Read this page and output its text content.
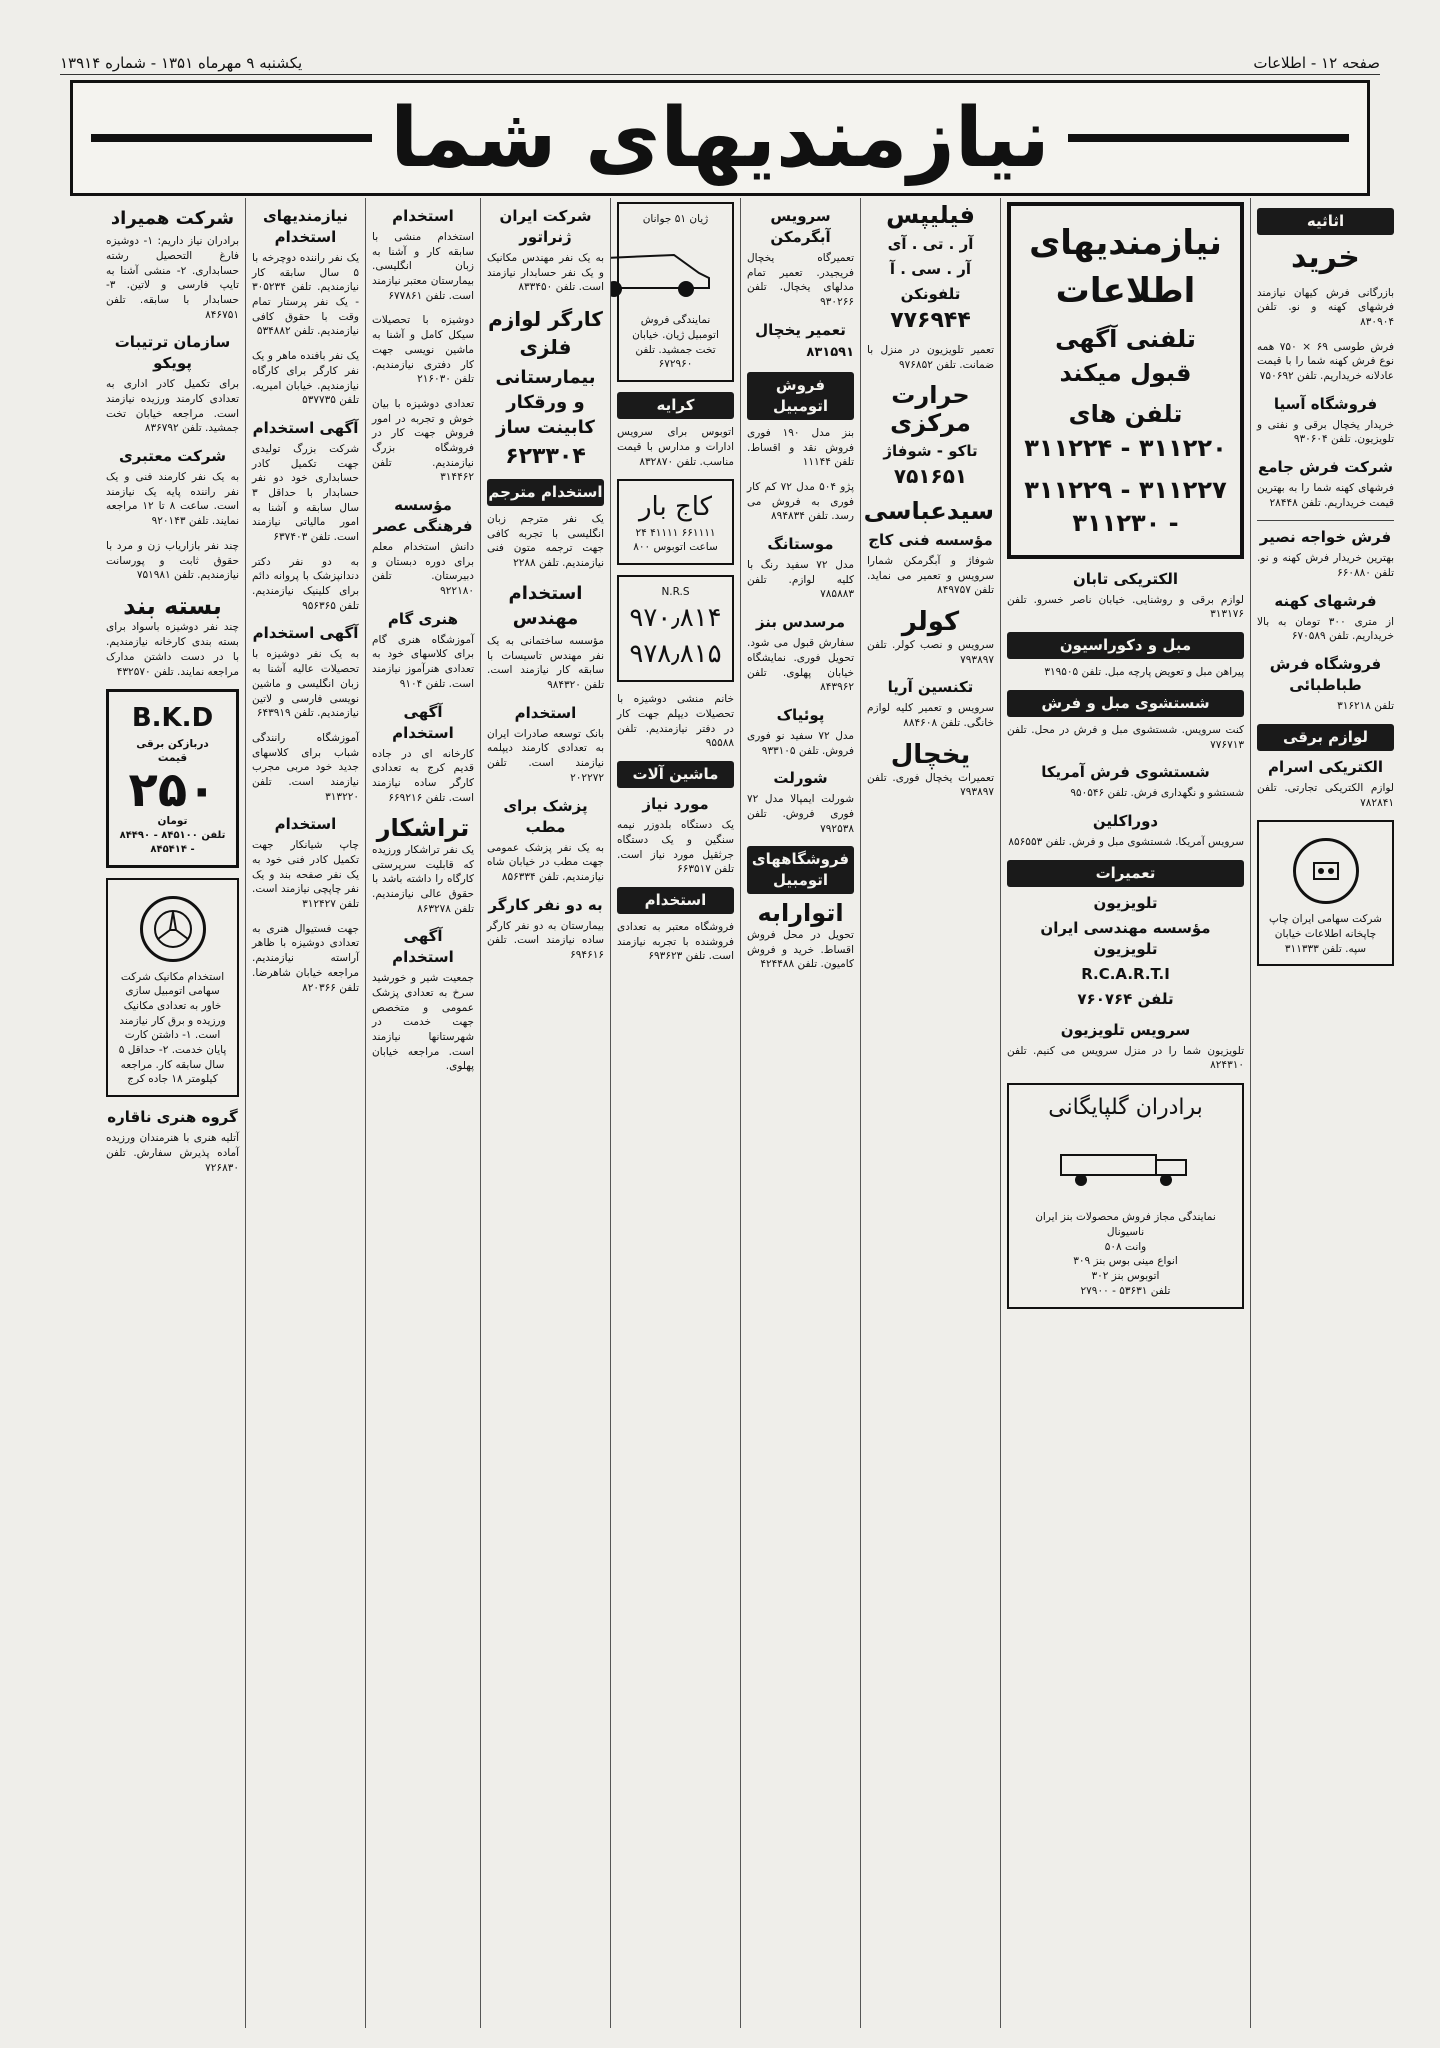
صفحه ۱۲ - اطلاعات
یکشنبه ۹ مهرماه ۱۳۵۱ - شماره ۱۳۹۱۴
نیازمندیهای شما
اثاثیه
خرید
بازرگانی فرش کیهان نیازمند فرشهای کهنه و نو. تلفن ۸۳۰۹۰۴
فرش طوسی ۶۹ × ۷۵۰ همه نوع فرش کهنه شما را با قیمت عادلانه خریداریم. تلفن ۷۵۰۶۹۲
فروشگاه آسیا
خریدار یخچال برقی و نفتی و تلویزیون. تلفن ۹۳۰۶۰۴
شرکت فرش جامع
فرشهای کهنه شما را به بهترین قیمت خریداریم. تلفن ۲۸۴۴۸
فرش خواجه نصیر
بهترین خریدار فرش کهنه و نو. تلفن ۶۶۰۸۸۰
فرشهای کهنه
از متری ۳۰۰ تومان به بالا خریداریم. تلفن ۶۷۰۵۸۹
فروشگاه فرش طباطبائی
تلفن ۳۱۶۲۱۸
لوازم برقی
الکتریکی اسرام
لوازم الکتریکی تجارتی. تلفن ۷۸۲۸۴۱
شرکت سهامی ایران چاپ چاپخانه اطلاعات خیابان سپه. تلفن ۳۱۱۳۳۳
نیازمندیهای اطلاعات
تلفنی آگهی قبول میکند
تلفن های ۳۱۱۲۲۰ - ۳۱۱۲۲۴
۳۱۱۲۲۷ - ۳۱۱۲۲۹ - ۳۱۱۲۳۰
الکتریکی تابان
لوازم برقی و روشنایی. خیابان ناصر خسرو. تلفن ۳۱۳۱۷۶
مبل و دکوراسیون
پیراهن مبل و تعویض پارچه مبل. تلفن ۳۱۹۵۰۵
شستشوی مبل و فرش
کنت سرویس. شستشوی مبل و فرش در محل. تلفن ۷۷۶۷۱۳
شستشوی فرش آمریکا
شستشو و نگهداری فرش. تلفن ۹۵۰۵۴۶
دوراکلین
سرویس آمریکا. شستشوی مبل و فرش. تلفن ۸۵۶۵۵۳
تعمیرات
تلویزیون
مؤسسه مهندسی ایران تلویزیون
R.C.A.R.T.I
تلفن ۷۶۰۷۶۴
سرویس تلویزیون
تلویزیون شما را در منزل سرویس می کنیم. تلفن ۸۲۴۳۱۰
برادران گلپایگانی
نمایندگی مجاز فروش محصولات بنز ایران ناسیونال
وانت ۵۰۸
انواع مینی بوس بنز ۳۰۹
اتوبوس بنز ۳۰۲
تلفن ۵۳۶۳۱ - ۲۷۹۰۰
فیلیپس
آر . تی . آی
آر . سی . آ
تلفونکن
۷۷۶۹۴۴
تعمیر تلویزیون در منزل با ضمانت. تلفن ۹۷۶۸۵۲
حرارت مرکزی
تاکو - شوفاژ
۷۵۱۶۵۱
سیدعباسی
مؤسسه فنی کاج
شوفاژ و آبگرمکن شمارا سرویس و تعمیر می نماید. تلفن ۸۴۹۷۵۷
کولر
سرویس و نصب کولر. تلفن ۷۹۳۸۹۷
تکنسین آریا
سرویس و تعمیر کلیه لوازم خانگی. تلفن ۸۸۴۶۰۸
یخچال
تعمیرات یخچال فوری. تلفن ۷۹۳۸۹۷
سرویس آبگرمکن
تعمیرگاه یخچال فریجیدر. تعمیر تمام مدلهای یخچال. تلفن ۹۳۰۲۶۶
تعمیر یخچال
۸۳۱۵۹۱
فروش اتومبیل
بنز مدل ۱۹۰ فوری فروش نقد و اقساط. تلفن ۱۱۱۴۴
پژو ۵۰۴ مدل ۷۲ کم کار فوری به فروش می رسد. تلفن ۸۹۴۸۳۴
موستانگ
مدل ۷۲ سفید رنگ با کلیه لوازم. تلفن ۷۸۵۸۸۳
مرسدس بنز
سفارش قبول می شود. تحویل فوری. نمایشگاه خیابان پهلوی. تلفن ۸۴۳۹۶۲
پوئیاک
مدل ۷۲ سفید نو فوری فروش. تلفن ۹۳۳۱۰۵
شورلت
شورلت ایمپالا مدل ۷۲ فوری فروش. تلفن ۷۹۲۵۳۸
فروشگاههای اتومبیل
اتوارابه
تحویل در محل فروش اقساط. خرید و فروش کامیون. تلفن ۴۲۴۴۸۸
ژیان ۵۱ جوانان  نمایندگی فروش اتومبیل ژیان. خیابان تخت جمشید. تلفن ۶۷۲۹۶۰
کرایه
اتوبوس برای سرویس ادارات و مدارس با قیمت مناسب. تلفن ۸۳۲۸۷۰
کاج بار ۶۶۱۱۱۱ ۴۱۱۱۱ ۲۴ ساعت اتوبوس ۸۰۰
N.R.S ۹۷۰٫۸۱۴ ۹۷۸٫۸۱۵
خانم منشی دوشیزه با تحصیلات دیپلم جهت کار در دفتر نیازمندیم. تلفن ۹۵۵۸۸
ماشین آلات
مورد نیاز
یک دستگاه بلدوزر نیمه سنگین و یک دستگاه جرثقیل مورد نیاز است. تلفن ۶۶۳۵۱۷
استخدام
فروشگاه معتبر به تعدادی فروشنده با تجربه نیازمند است. تلفن ۶۹۳۶۲۳
شرکت ایران ژنراتور
به یک نفر مهندس مکانیک و یک نفر حسابدار نیازمند است. تلفن ۸۳۳۴۵۰
کارگر لوازم فلزی
بیمارستانی و ورقکار کابینت ساز
۶۲۳۳۰۴
استخدام مترجم
یک نفر مترجم زبان انگلیسی با تجربه کافی جهت ترجمه متون فنی نیازمندیم. تلفن ۲۲۸۸
استخدام مهندس
مؤسسه ساختمانی به یک نفر مهندس تاسیسات با سابقه کار نیازمند است. تلفن ۹۸۴۳۲۰
استخدام
بانک توسعه صادرات ایران به تعدادی کارمند دیپلمه نیازمند است. تلفن ۲۰۲۲۷۲
پزشک برای مطب
به یک نفر پزشک عمومی جهت مطب در خیابان شاه نیازمندیم. تلفن ۸۵۶۳۳۴
به دو نفر کارگر
بیمارستان به دو نفر کارگر ساده نیازمند است. تلفن ۶۹۴۶۱۶
استخدام
استخدام منشی با سابقه کار و آشنا به زبان انگلیسی. بیمارستان معتبر نیازمند است. تلفن ۶۷۷۸۶۱
دوشیزه با تحصیلات سیکل کامل و آشنا به ماشین نویسی جهت کار دفتری نیازمندیم. تلفن ۲۱۶۰۳۰
تعدادی دوشیزه با بیان خوش و تجربه در امور فروش جهت کار در فروشگاه بزرگ نیازمندیم. تلفن ۳۱۴۴۶۲
مؤسسه فرهنگی عصر
دانش استخدام معلم برای دوره دبستان و دبیرستان. تلفن ۹۲۲۱۸۰
هنری گام
آموزشگاه هنری گام برای کلاسهای خود به تعدادی هنرآموز نیازمند است. تلفن ۹۱۰۴
آگهی استخدام
کارخانه ای در جاده قدیم کرج به تعدادی کارگر ساده نیازمند است. تلفن ۶۶۹۲۱۶
تراشکار
یک نفر تراشکار ورزیده که قابلیت سرپرستی کارگاه را داشته باشد با حقوق عالی نیازمندیم. تلفن ۸۶۳۲۷۸
آگهی استخدام
جمعیت شیر و خورشید سرخ به تعدادی پزشک عمومی و متخصص جهت خدمت در شهرستانها نیازمند است. مراجعه خیابان پهلوی.
نیازمندیهای استخدام
یک نفر راننده دوچرخه با ۵ سال سابقه کار نیازمندیم. تلفن ۳۰۵۲۳۴ - یک نفر پرستار تمام وقت با حقوق کافی نیازمندیم. تلفن ۵۳۴۸۸۲
یک نفر بافنده ماهر و یک نفر کارگر برای کارگاه نیازمندیم. خیابان امیریه. تلفن ۵۳۷۷۳۵
آگهی استخدام
شرکت بزرگ تولیدی جهت تکمیل کادر حسابداری خود دو نفر حسابدار با حداقل ۳ سال سابقه و آشنا به امور مالیاتی نیازمند است. تلفن ۶۳۷۴۰۳
به دو نفر دکتر دندانپزشک با پروانه دائم برای کلینیک نیازمندیم. تلفن ۹۵۶۳۶۵
آگهی استخدام
به یک نفر دوشیزه با تحصیلات عالیه آشنا به زبان انگلیسی و ماشین نویسی فارسی و لاتین نیازمندیم. تلفن ۶۴۳۹۱۹
آموزشگاه رانندگی شباب برای کلاسهای جدید خود مربی مجرب نیازمند است. تلفن ۳۱۳۲۲۰
استخدام
چاپ شیانکار جهت تکمیل کادر فنی خود به یک نفر صفحه بند و یک نفر چاپچی نیازمند است. تلفن ۳۱۲۴۲۷
جهت فستیوال هنری به تعدادی دوشیزه با ظاهر آراسته نیازمندیم. مراجعه خیابان شاهرضا. تلفن ۸۲۰۳۶۶
شرکت همیراد
برادران نیاز داریم: ۱- دوشیزه فارغ التحصیل رشته حسابداری. ۲- منشی آشنا به تایپ فارسی و لاتین. ۳- حسابدار با سابقه. تلفن ۸۴۶۷۵۱
سازمان ترتیبات پویکو
برای تکمیل کادر اداری به تعدادی کارمند ورزیده نیازمند است. مراجعه خیابان تخت جمشید. تلفن ۸۳۶۷۹۲
شرکت معتبری
به یک نفر کارمند فنی و یک نفر راننده پایه یک نیازمند است. ساعت ۸ تا ۱۲ مراجعه نمایند. تلفن ۹۲۰۱۴۳
چند نفر بازاریاب زن و مرد با حقوق ثابت و پورسانت نیازمندیم. تلفن ۷۵۱۹۸۱
بسته بند
چند نفر دوشیزه باسواد برای بسته بندی کارخانه نیازمندیم. با در دست داشتن مدارک مراجعه نمایند. تلفن ۴۳۲۵۷۰
B.K.D
دربازکن برقی
قیمت
۲۵۰
تومان
تلفن ۸۴۵۱۰۰ - ۸۴۴۹۰ - ۸۴۵۴۱۴
استخدام مکانیک شرکت سهامی اتومبیل سازی خاور به تعدادی مکانیک ورزیده و برق کار نیازمند است. ۱- داشتن کارت پایان خدمت. ۲- حداقل ۵ سال سابقه کار. مراجعه کیلومتر ۱۸ جاده کرج
گروه هنری ناقاره
آتلیه هنری با هنرمندان ورزیده آماده پذیرش سفارش. تلفن ۷۲۶۸۳۰
